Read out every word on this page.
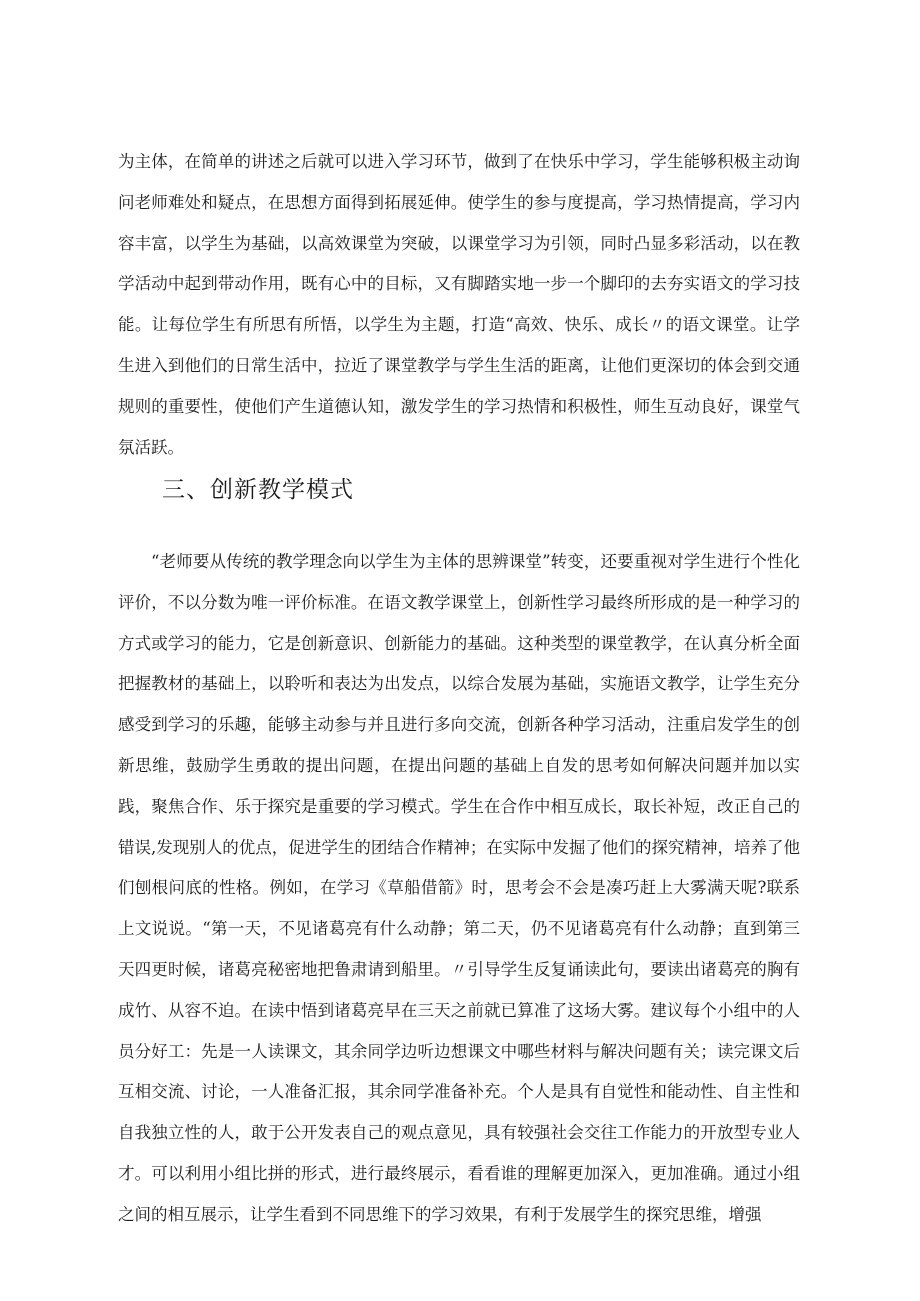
为主体，在简单的讲述之后就可以进入学习环节，做到了在快乐中学习，学生能够积极主动询问老师难处和疑点，在思想方面得到拓展延伸。使学生的参与度提高，学习热情提高，学习内容丰富，以学生为基础，以高效课堂为突破，以课堂学习为引领，同时凸显多彩活动，以在教学活动中起到带动作用，既有心中的目标，又有脚踏实地一步一个脚印的去夯实语文的学习技能。让每位学生有所思有所悟，以学生为主题，打造“高效、快乐、成长〃的语文课堂。让学生进入到他们的日常生活中，拉近了课堂教学与学生生活的距离，让他们更深切的体会到交通规则的重要性，使他们产生道德认知，激发学生的学习热情和积极性，师生互动良好，课堂气氛活跃。

三、创新教学模式

“老师要从传统的教学理念向以学生为主体的思辨课堂”转变，还要重视对学生进行个性化评价，不以分数为唯一评价标准。在语文教学课堂上，创新性学习最终所形成的是一种学习的方式或学习的能力，它是创新意识、创新能力的基础。这种类型的课堂教学，在认真分析全面把握教材的基础上，以聆听和表达为出发点，以综合发展为基础，实施语文教学，让学生充分感受到学习的乐趣，能够主动参与并且进行多向交流，创新各种学习活动，注重启发学生的创新思维，鼓励学生勇敢的提出问题，在提出问题的基础上自发的思考如何解决问题并加以实践，聚焦合作、乐于探究是重要的学习模式。学生在合作中相互成长，取长补短，改正自己的错误,发现别人的优点，促进学生的团结合作精神；在实际中发掘了他们的探究精神，培养了他们刨根问底的性格。例如，在学习《草船借箭》时，思考会不会是凑巧赶上大雾满天呢?联系上文说说。“第一天，不见诸葛亮有什么动静；第二天，仍不见诸葛亮有什么动静；直到第三天四更时候，诸葛亮秘密地把鲁肃请到船里。〃引导学生反复诵读此句，要读出诸葛亮的胸有成竹、从容不迫。在读中悟到诸葛亮早在三天之前就已算准了这场大雾。建议每个小组中的人员分好工：先是一人读课文，其余同学边听边想课文中哪些材料与解决问题有关；读完课文后互相交流、讨论，一人准备汇报，其余同学准备补充。个人是具有自觉性和能动性、自主性和自我独立性的人，敢于公开发表自己的观点意见，具有较强社会交往工作能力的开放型专业人才。可以利用小组比拼的形式，进行最终展示，看看谁的理解更加深入，更加准确。通过小组之间的相互展示，让学生看到不同思维下的学习效果，有利于发展学生的探究思维，增强
